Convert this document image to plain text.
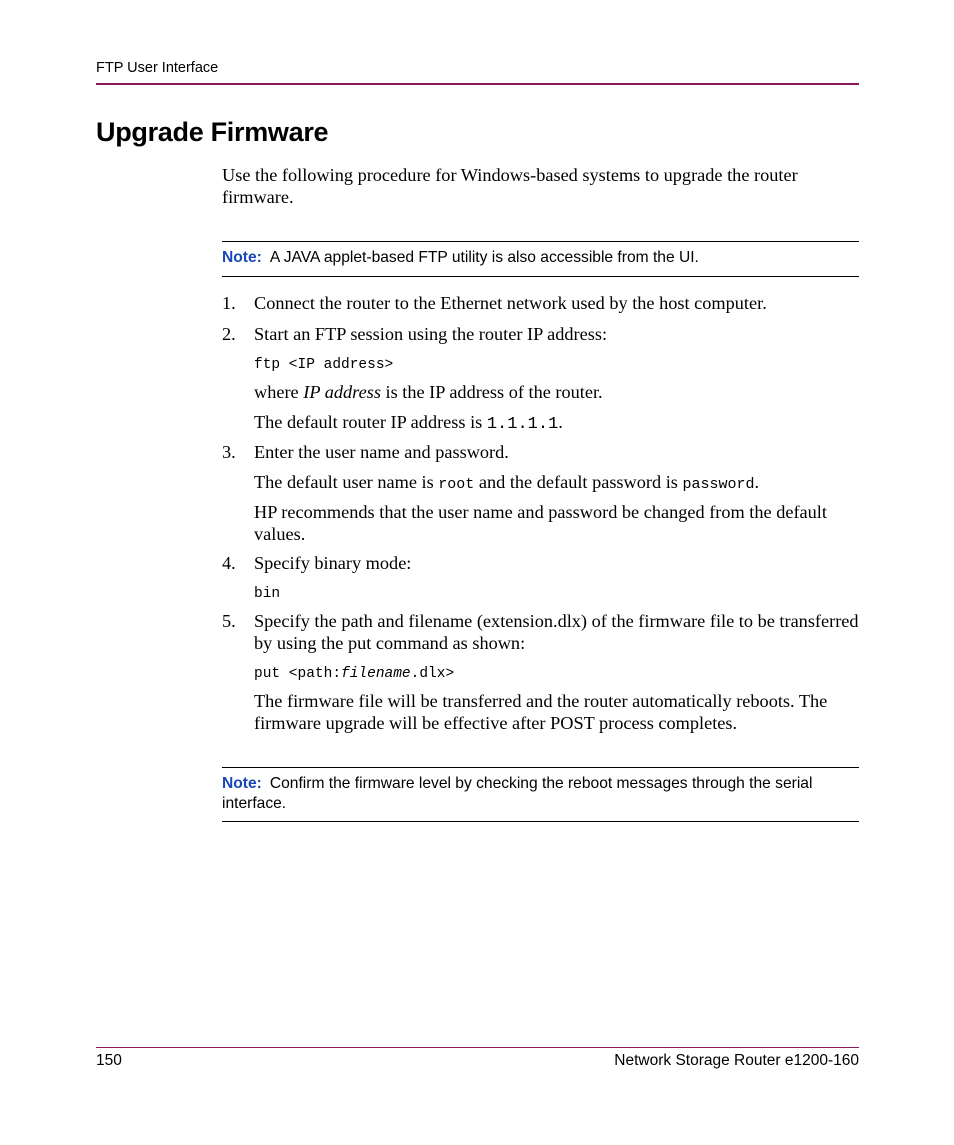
FTP User Interface
Upgrade Firmware
Use the following procedure for Windows-based systems to upgrade the router firmware.
Note: A JAVA applet-based FTP utility is also accessible from the UI.
1. Connect the router to the Ethernet network used by the host computer.
2. Start an FTP session using the router IP address:
ftp <IP address>
where IP address is the IP address of the router.
The default router IP address is 1.1.1.1.
3. Enter the user name and password.
The default user name is root and the default password is password.
HP recommends that the user name and password be changed from the default values.
4. Specify binary mode:
bin
5. Specify the path and filename (extension.dlx) of the firmware file to be transferred by using the put command as shown:
put <path:filename.dlx>
The firmware file will be transferred and the router automatically reboots. The firmware upgrade will be effective after POST process completes.
Note: Confirm the firmware level by checking the reboot messages through the serial interface.
150	Network Storage Router e1200-160
